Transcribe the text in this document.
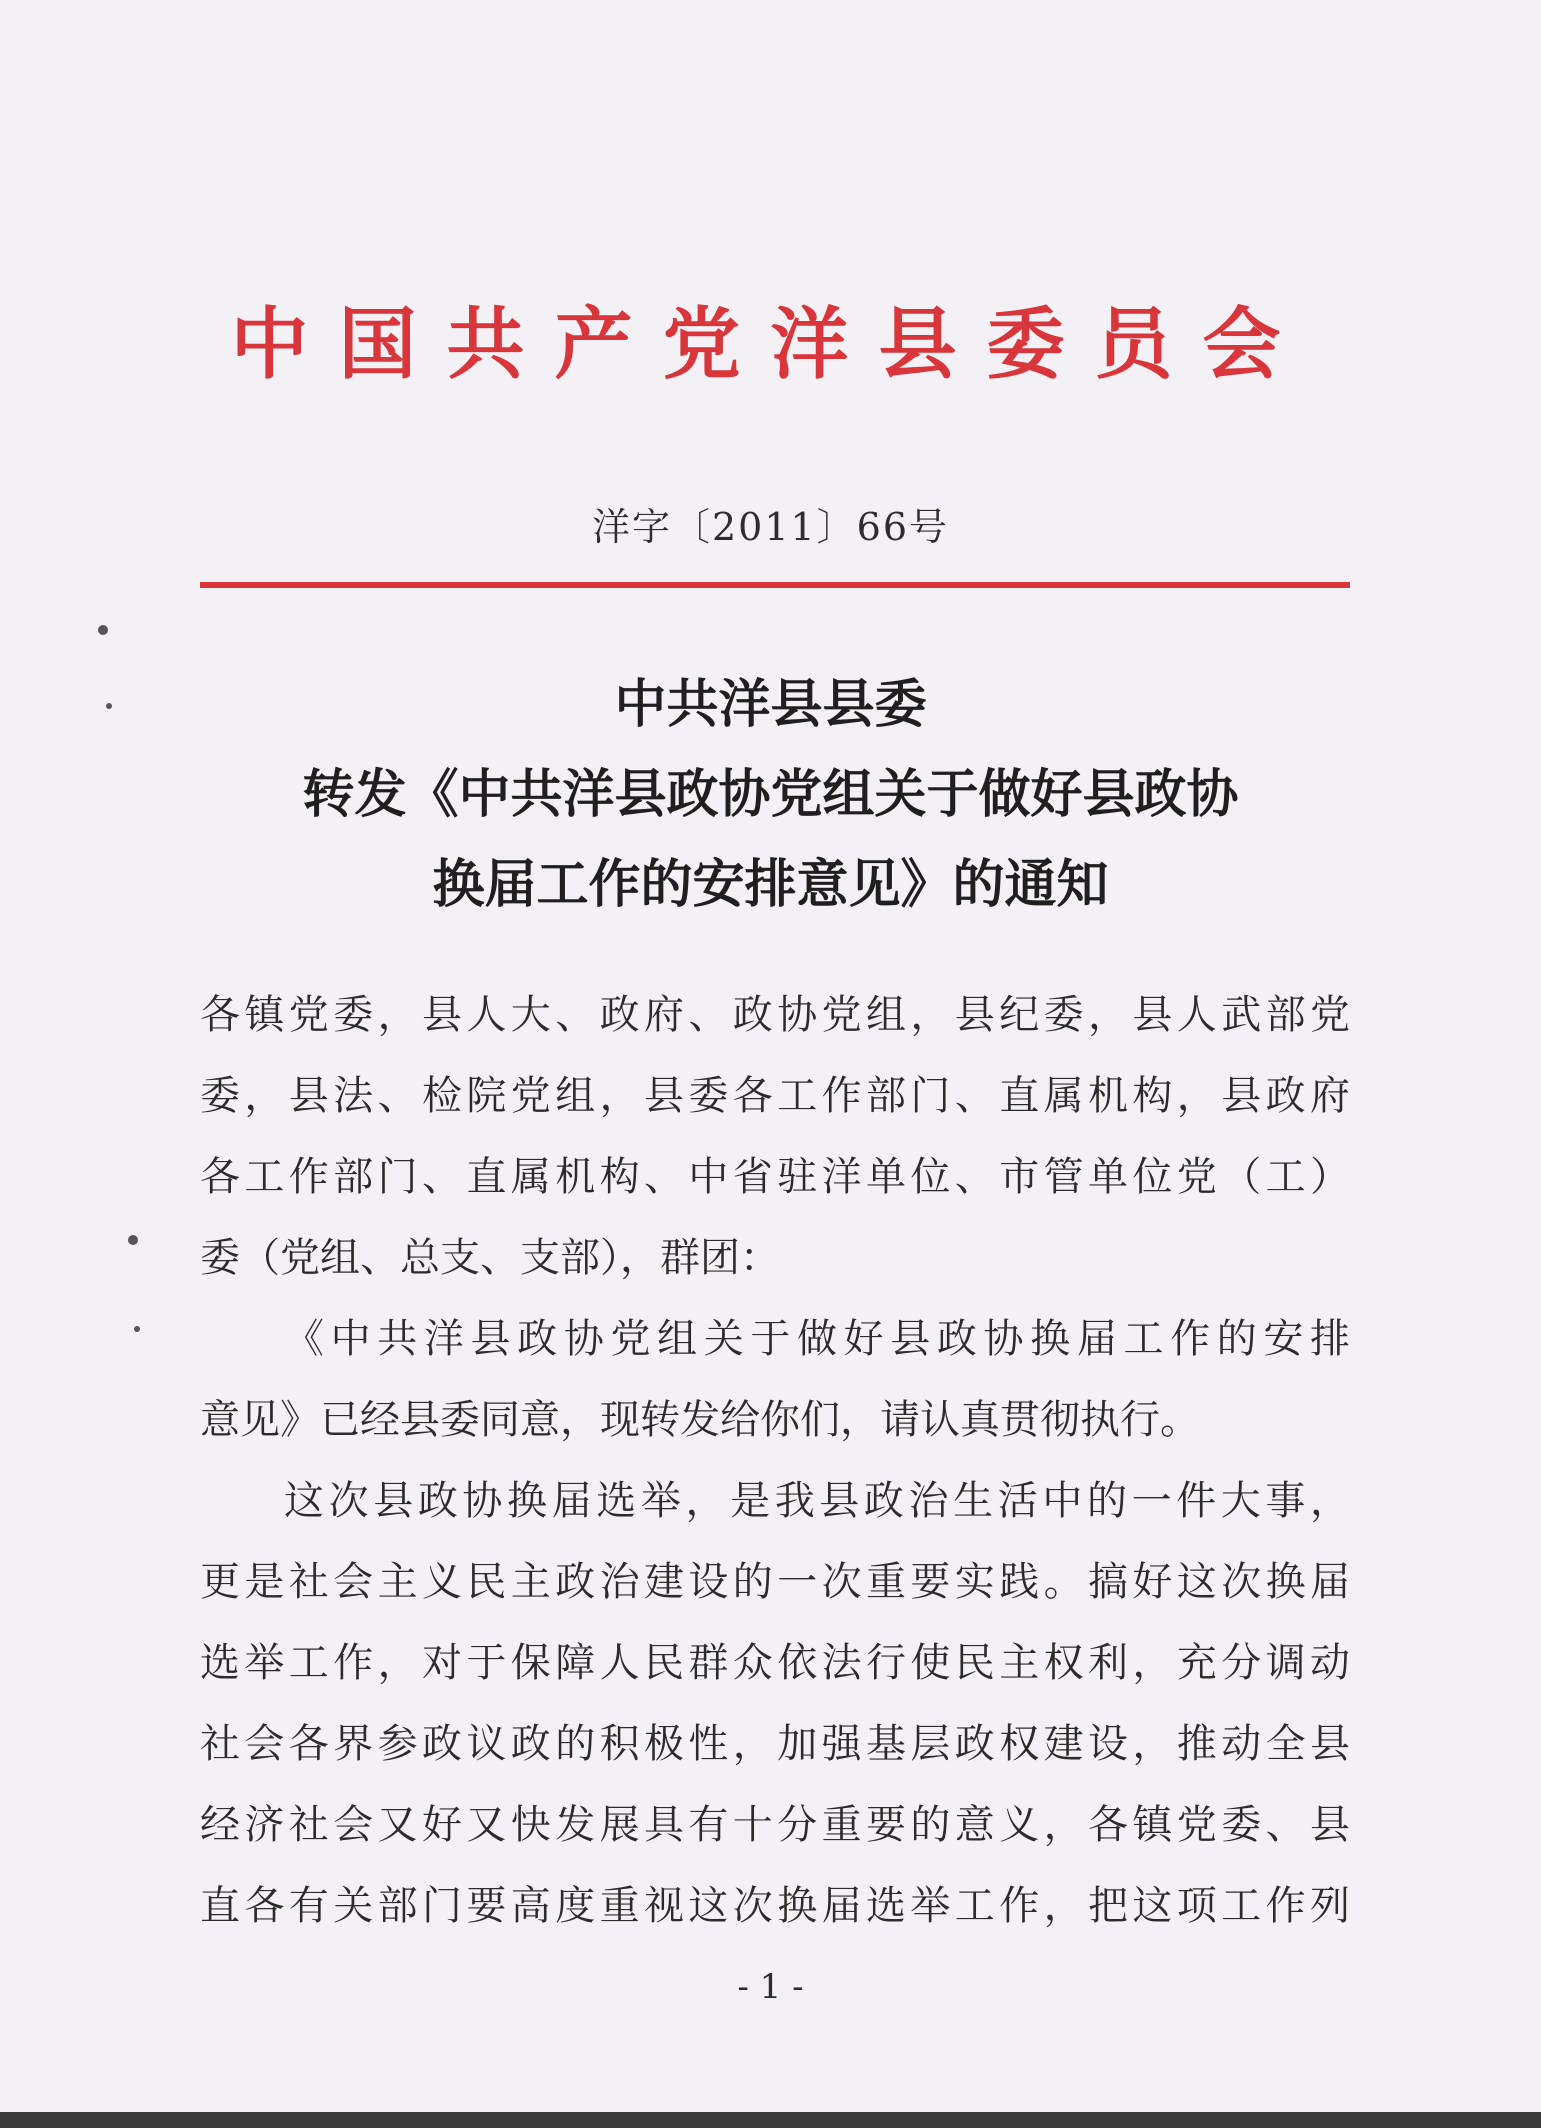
中国共产党洋县委员会
洋字〔2011〕66号
中共洋县县委
转发《中共洋县政协党组关于做好县政协
换届工作的安排意见》的通知
各镇党委，县人大、政府、政协党组，县纪委，县人武部党
委，县法、检院党组，县委各工作部门、直属机构，县政府
各工作部门、直属机构、中省驻洋单位、市管单位党（工）
委（党组、总支、支部），群团：
《中共洋县政协党组关于做好县政协换届工作的安排
意见》已经县委同意，现转发给你们，请认真贯彻执行。
这次县政协换届选举，是我县政治生活中的一件大事，
更是社会主义民主政治建设的一次重要实践。搞好这次换届
选举工作，对于保障人民群众依法行使民主权利，充分调动
社会各界参政议政的积极性，加强基层政权建设，推动全县
经济社会又好又快发展具有十分重要的意义，各镇党委、县
直各有关部门要高度重视这次换届选举工作，把这项工作列
- 1 -
